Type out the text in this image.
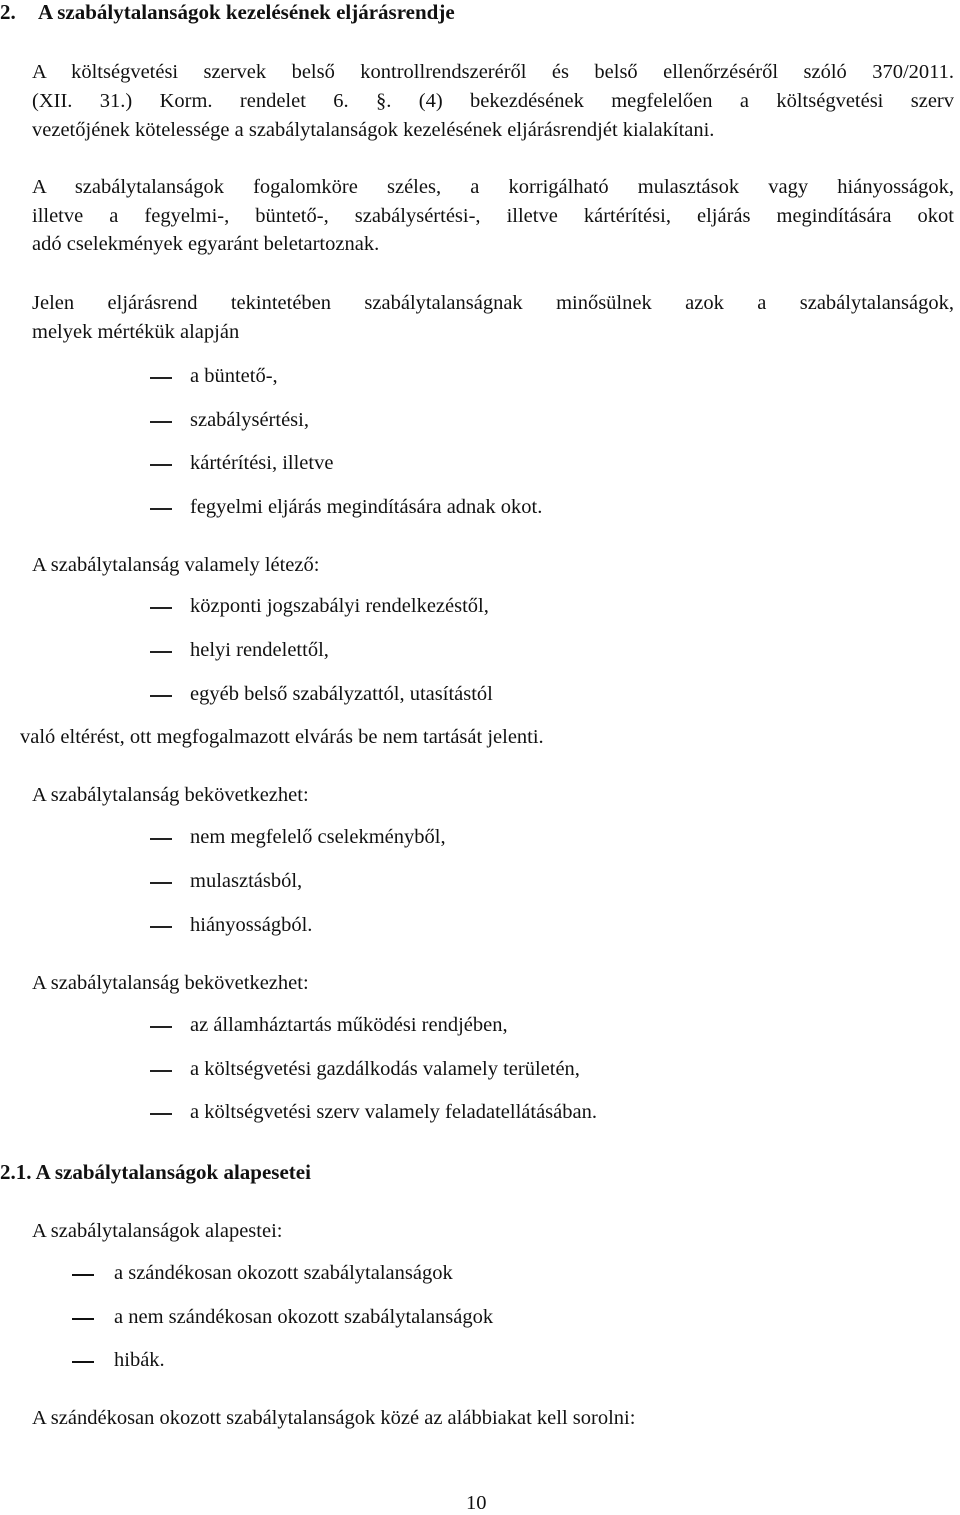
2. A szabálytalanságok kezelésének eljárásrendje
A költségvetési szervek belső kontrollrendszeréről és belső ellenőrzéséről szóló 370/2011.
(XII. 31.) Korm. rendelet 6. §. (4) bekezdésének megfelelően a költségvetési szerv
vezetőjének kötelessége a szabálytalanságok kezelésének eljárásrendjét kialakítani.
A szabálytalanságok fogalomköre széles, a korrigálható mulasztások vagy hiányosságok,
illetve a fegyelmi-, büntető-, szabálysértési-, illetve kártérítési, eljárás megindítására okot
adó cselekmények egyaránt beletartoznak.
Jelen eljárásrend tekintetében szabálytalanságnak minősülnek azok a szabálytalanságok,
melyek mértékük alapján
a büntető-,
szabálysértési,
kártérítési, illetve
fegyelmi eljárás megindítására adnak okot.
A szabálytalanság valamely létező:
központi jogszabályi rendelkezéstől,
helyi rendelettől,
egyéb belső szabályzattól, utasítástól
való eltérést, ott megfogalmazott elvárás be nem tartását jelenti.
A szabálytalanság bekövetkezhet:
nem megfelelő cselekményből,
mulasztásból,
hiányosságból.
A szabálytalanság bekövetkezhet:
az államháztartás működési rendjében,
a költségvetési gazdálkodás valamely területén,
a költségvetési szerv valamely feladatellátásában.
2.1. A szabálytalanságok alapesetei
A szabálytalanságok alapestei:
a szándékosan okozott szabálytalanságok
a nem szándékosan okozott szabálytalanságok
hibák.
A szándékosan okozott szabálytalanságok közé az alábbiakat kell sorolni:
10
